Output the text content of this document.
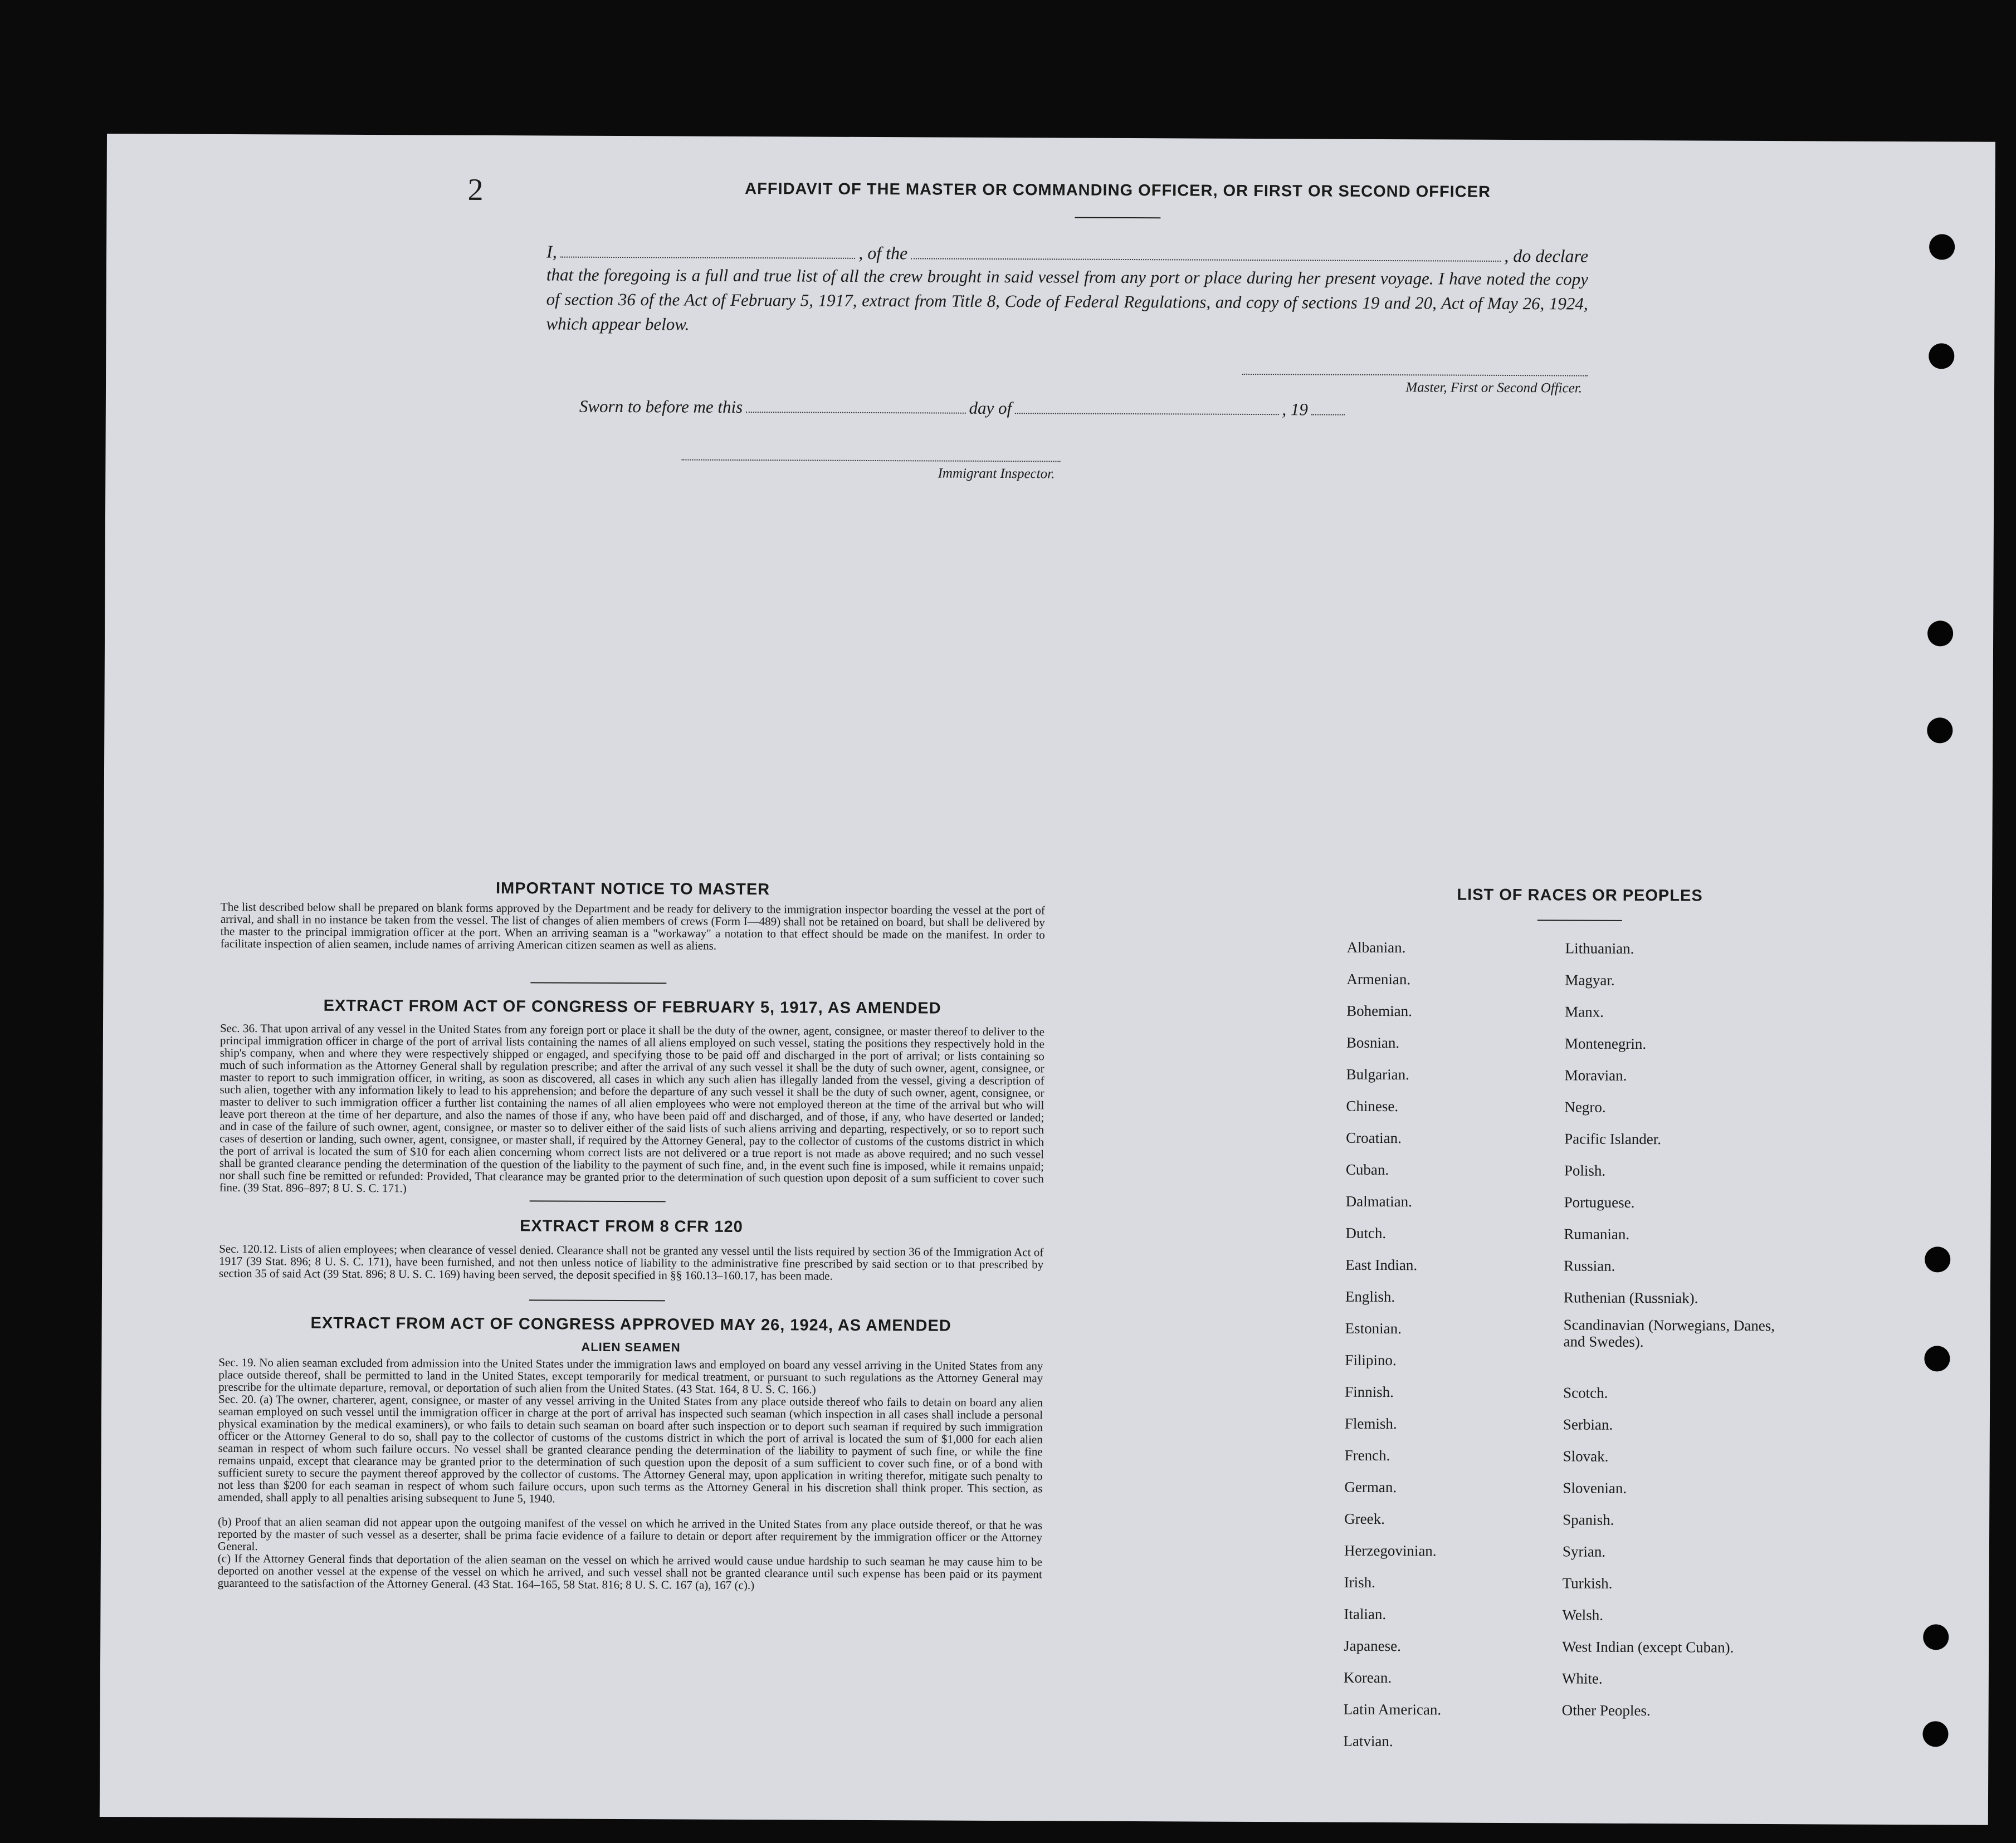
2	AFFIDAVIT OF THE MASTER OR COMMANDING OFFICER, OR FIRST OR SECOND OFFICER
I,	, of the	, do declare
that the foregoing is a full and true list of all the crew brought in said vessel from any port or place during her present voyage. I have noted the copy of section 36 of the Act of February 5, 1917, extract from Title 8, Code of Federal Regulations, and copy of sections 19 and 20, Act of May 26, 1924, which appear below.
Master, First or Second Officer.
Sworn to before me this	day of	, 19
Immigrant Inspector.
IMPORTANT NOTICE TO MASTER
The list described below shall be prepared on blank forms approved by the Department and be ready for delivery to the immigration inspector boarding the vessel at the port of arrival, and shall in no instance be taken from the vessel. The list of changes of alien members of crews (Form I—489) shall not be retained on board, but shall be delivered by the master to the principal immigration officer at the port. When an arriving seaman is a "workaway" a notation to that effect should be made on the manifest. In order to facilitate inspection of alien seamen, include names of arriving American citizen seamen as well as aliens.
EXTRACT FROM ACT OF CONGRESS OF FEBRUARY 5, 1917, AS AMENDED
Sec. 36. That upon arrival of any vessel in the United States from any foreign port or place it shall be the duty of the owner, agent, consignee, or master thereof to deliver to the principal immigration officer in charge of the port of arrival lists containing the names of all aliens employed on such vessel, stating the positions they respectively hold in the ship's company, when and where they were respectively shipped or engaged, and specifying those to be paid off and discharged in the port of arrival; or lists containing so much of such information as the Attorney General shall by regulation prescribe; and after the arrival of any such vessel it shall be the duty of such owner, agent, consignee, or master to report to such immigration officer, in writing, as soon as discovered, all cases in which any such alien has illegally landed from the vessel, giving a description of such alien, together with any information likely to lead to his apprehension; and before the departure of any such vessel it shall be the duty of such owner, agent, consignee, or master to deliver to such immigration officer a further list containing the names of all alien employees who were not employed thereon at the time of the arrival but who will leave port thereon at the time of her departure, and also the names of those if any, who have been paid off and discharged, and of those, if any, who have deserted or landed; and in case of the failure of such owner, agent, consignee, or master so to deliver either of the said lists of such aliens arriving and departing, respectively, or so to report such cases of desertion or landing, such owner, agent, consignee, or master shall, if required by the Attorney General, pay to the collector of customs of the customs district in which the port of arrival is located the sum of $10 for each alien concerning whom correct lists are not delivered or a true report is not made as above required; and no such vessel shall be granted clearance pending the determination of the question of the liability to the payment of such fine, and, in the event such fine is imposed, while it remains unpaid; nor shall such fine be remitted or refunded: Provided, That clearance may be granted prior to the determination of such question upon deposit of a sum sufficient to cover such fine. (39 Stat. 896–897; 8 U. S. C. 171.)
EXTRACT FROM 8 CFR 120
Sec. 120.12. Lists of alien employees; when clearance of vessel denied. Clearance shall not be granted any vessel until the lists required by section 36 of the Immigration Act of 1917 (39 Stat. 896; 8 U. S. C. 171), have been furnished, and not then unless notice of liability to the administrative fine prescribed by said section or to that prescribed by section 35 of said Act (39 Stat. 896; 8 U. S. C. 169) having been served, the deposit specified in §§ 160.13–160.17, has been made.
EXTRACT FROM ACT OF CONGRESS APPROVED MAY 26, 1924, AS AMENDED
ALIEN SEAMEN
Sec. 19. No alien seaman excluded from admission into the United States under the immigration laws and employed on board any vessel arriving in the United States from any place outside thereof, shall be permitted to land in the United States, except temporarily for medical treatment, or pursuant to such regulations as the Attorney General may prescribe for the ultimate departure, removal, or deportation of such alien from the United States. (43 Stat. 164, 8 U. S. C. 166.)
Sec. 20. (a) The owner, charterer, agent, consignee, or master of any vessel arriving in the United States from any place outside thereof who fails to detain on board any alien seaman employed on such vessel until the immigration officer in charge at the port of arrival has inspected such seaman (which inspection in all cases shall include a personal physical examination by the medical examiners), or who fails to detain such seaman on board after such inspection or to deport such seaman if required by such immigration officer or the Attorney General to do so, shall pay to the collector of customs of the customs district in which the port of arrival is located the sum of $1,000 for each alien seaman in respect of whom such failure occurs. No vessel shall be granted clearance pending the determination of the liability to payment of such fine, or while the fine remains unpaid, except that clearance may be granted prior to the determination of such question upon the deposit of a sum sufficient to cover such fine, or of a bond with sufficient surety to secure the payment thereof approved by the collector of customs. The Attorney General may, upon application in writing therefor, mitigate such penalty to not less than $200 for each seaman in respect of whom such failure occurs, upon such terms as the Attorney General in his discretion shall think proper. This section, as amended, shall apply to all penalties arising subsequent to June 5, 1940.
(b) Proof that an alien seaman did not appear upon the outgoing manifest of the vessel on which he arrived in the United States from any place outside thereof, or that he was reported by the master of such vessel as a deserter, shall be prima facie evidence of a failure to detain or deport after requirement by the immigration officer or the Attorney General.
(c) If the Attorney General finds that deportation of the alien seaman on the vessel on which he arrived would cause undue hardship to such seaman he may cause him to be deported on another vessel at the expense of the vessel on which he arrived, and such vessel shall not be granted clearance until such expense has been paid or its payment guaranteed to the satisfaction of the Attorney General. (43 Stat. 164–165, 58 Stat. 816; 8 U. S. C. 167 (a), 167 (c).)
LIST OF RACES OR PEOPLES
Albanian.
Armenian.
Bohemian.
Bosnian.
Bulgarian.
Chinese.
Croatian.
Cuban.
Dalmatian.
Dutch.
East Indian.
English.
Estonian.
Filipino.
Finnish.
Flemish.
French.
German.
Greek.
Herzegovinian.
Irish.
Italian.
Japanese.
Korean.
Latin American.
Latvian.
Lithuanian.
Magyar.
Manx.
Montenegrin.
Moravian.
Negro.
Pacific Islander.
Polish.
Portuguese.
Rumanian.
Russian.
Ruthenian (Russniak).
Scandinavian (Norwegians, Danes, and Swedes).
Scotch.
Serbian.
Slovak.
Slovenian.
Spanish.
Syrian.
Turkish.
Welsh.
West Indian (except Cuban).
White.
Other Peoples.
